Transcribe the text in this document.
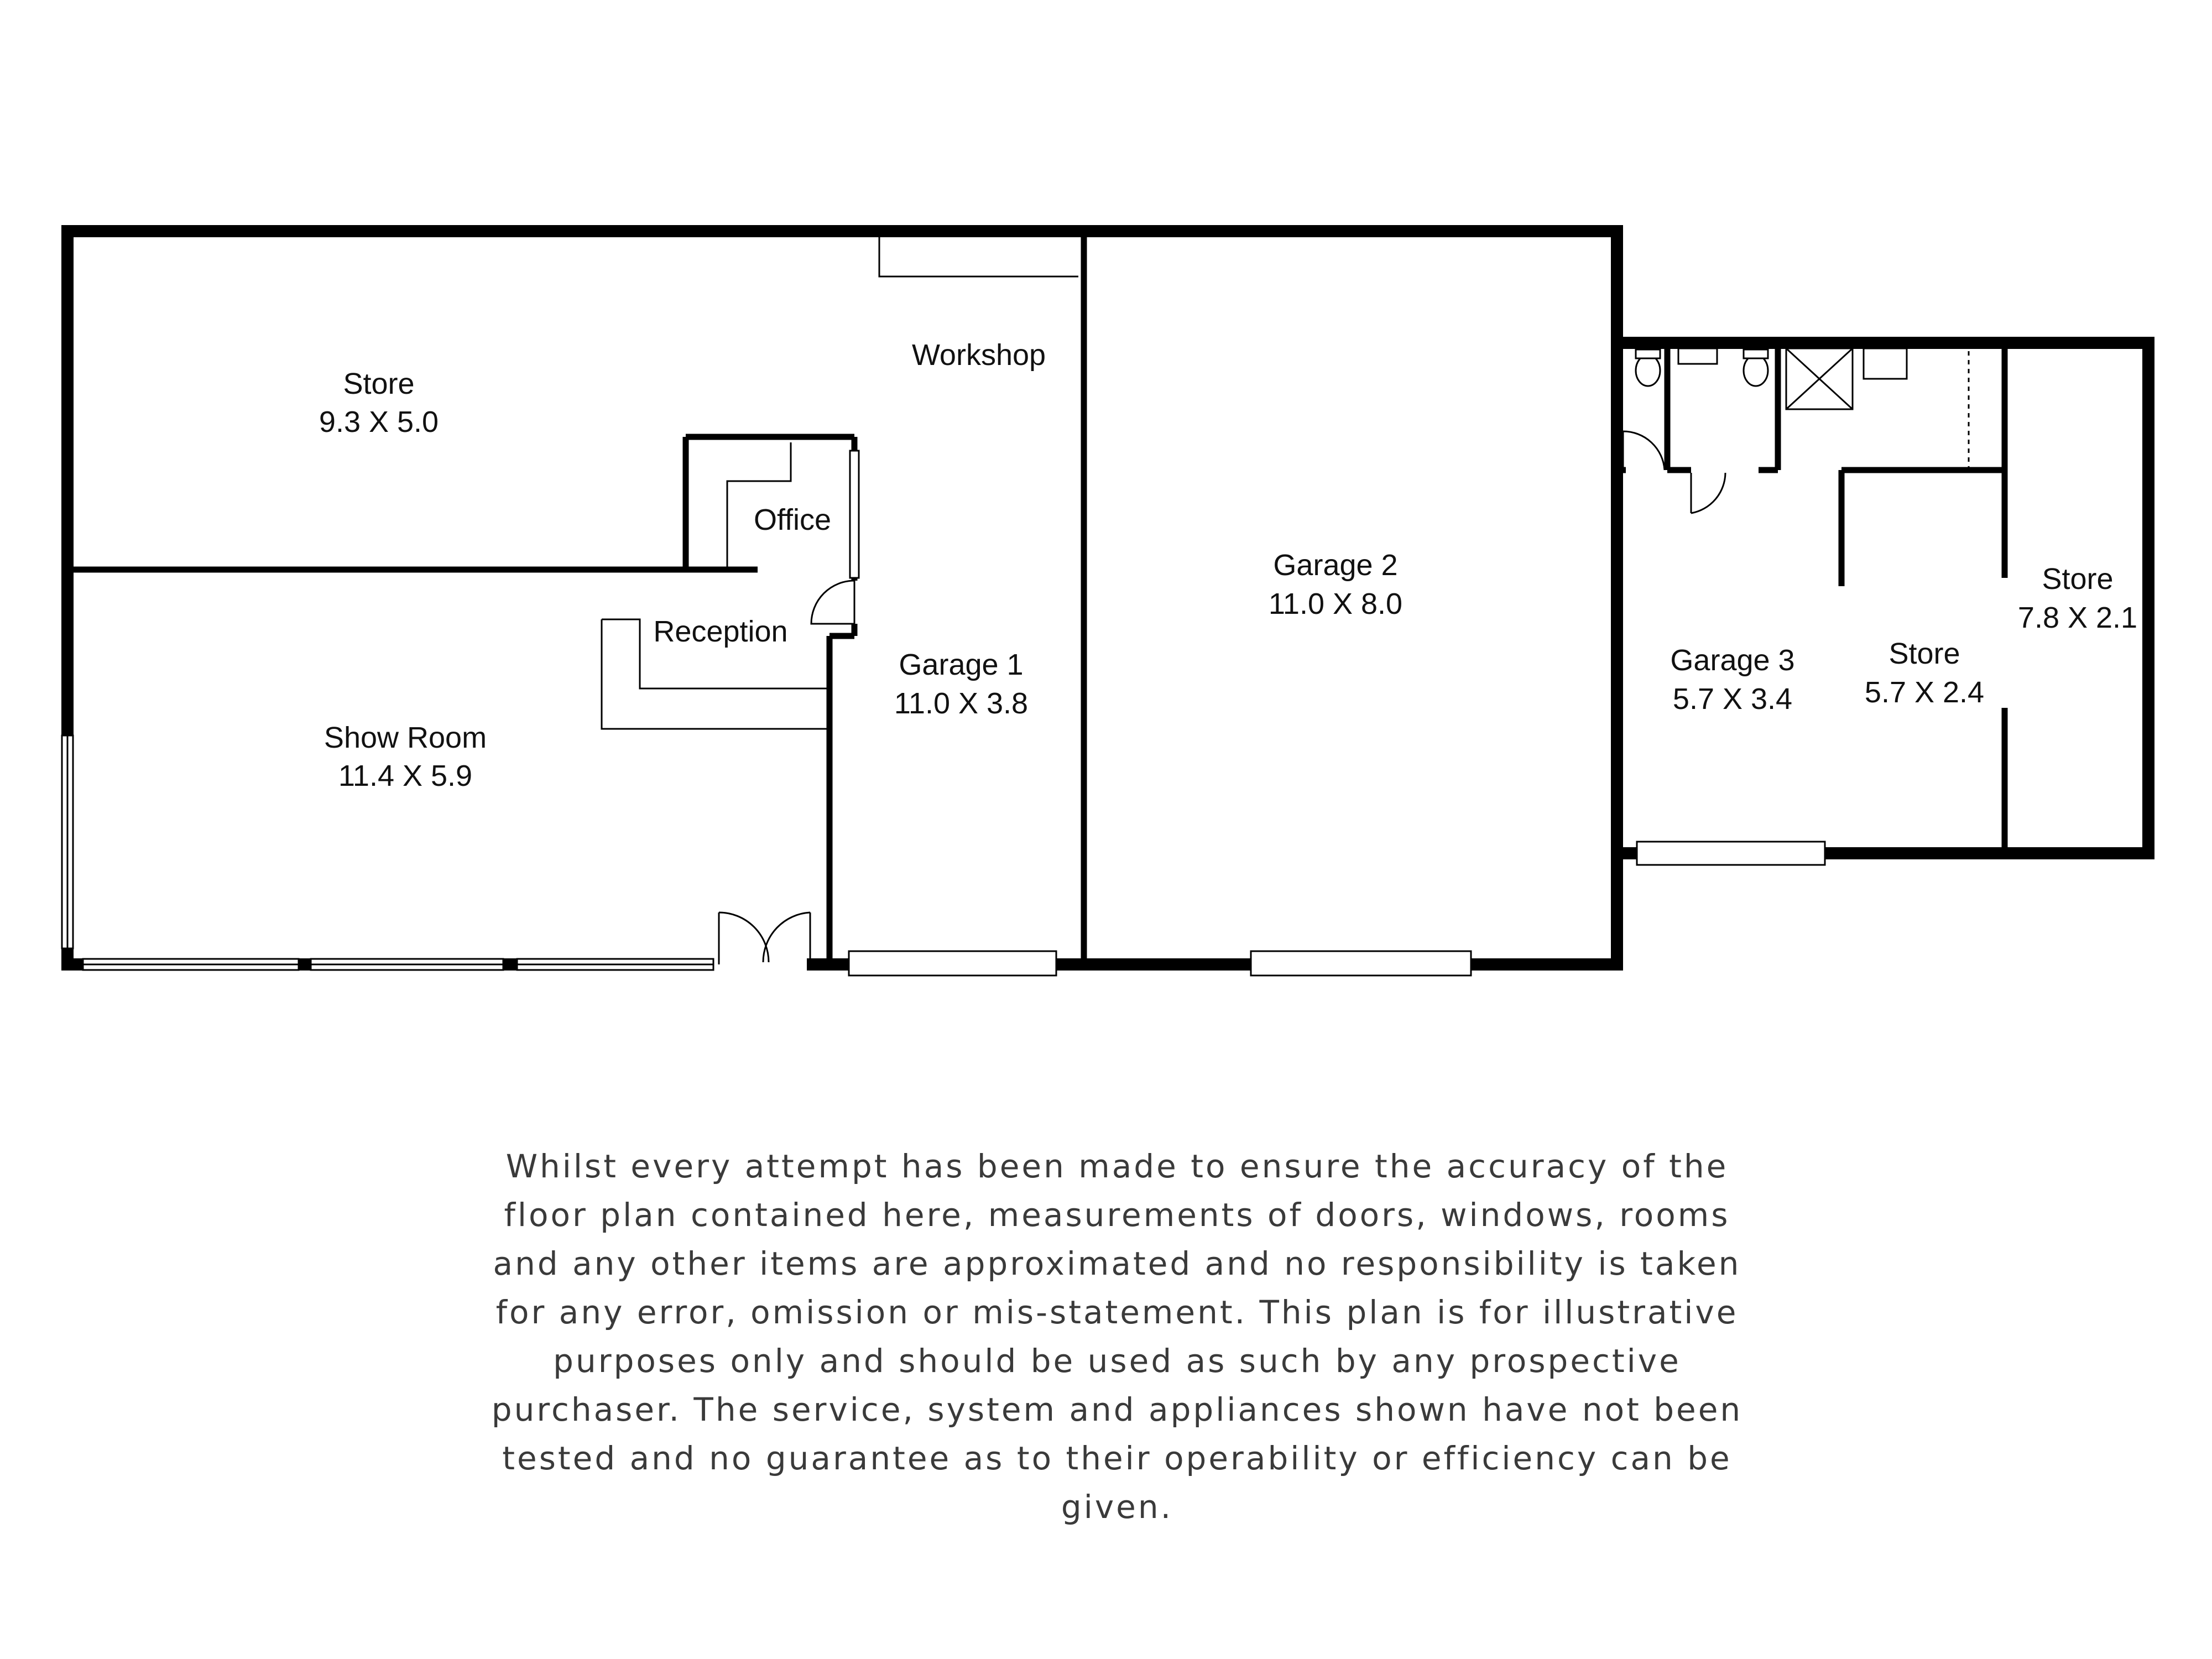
Store
9.3 X 5.0
Workshop
Office
Reception
Show Room
11.4 X 5.9
Garage 1
11.0 X 3.8
Garage 2
11.0 X 8.0
Garage 3
5.7 X 3.4
Store
5.7 X 2.4
Store
7.8 X 2.1
Whilst every attempt has been made to ensure the accuracy of the floor plan contained here, measurements of doors, windows, rooms and any other items are approximated and no responsibility is taken for any error, omission or mis-statement. This plan is for illustrative purposes only and should be used as such by any prospective purchaser. The service, system and appliances shown have not been tested and no guarantee as to their operability or efficiency can be given.
